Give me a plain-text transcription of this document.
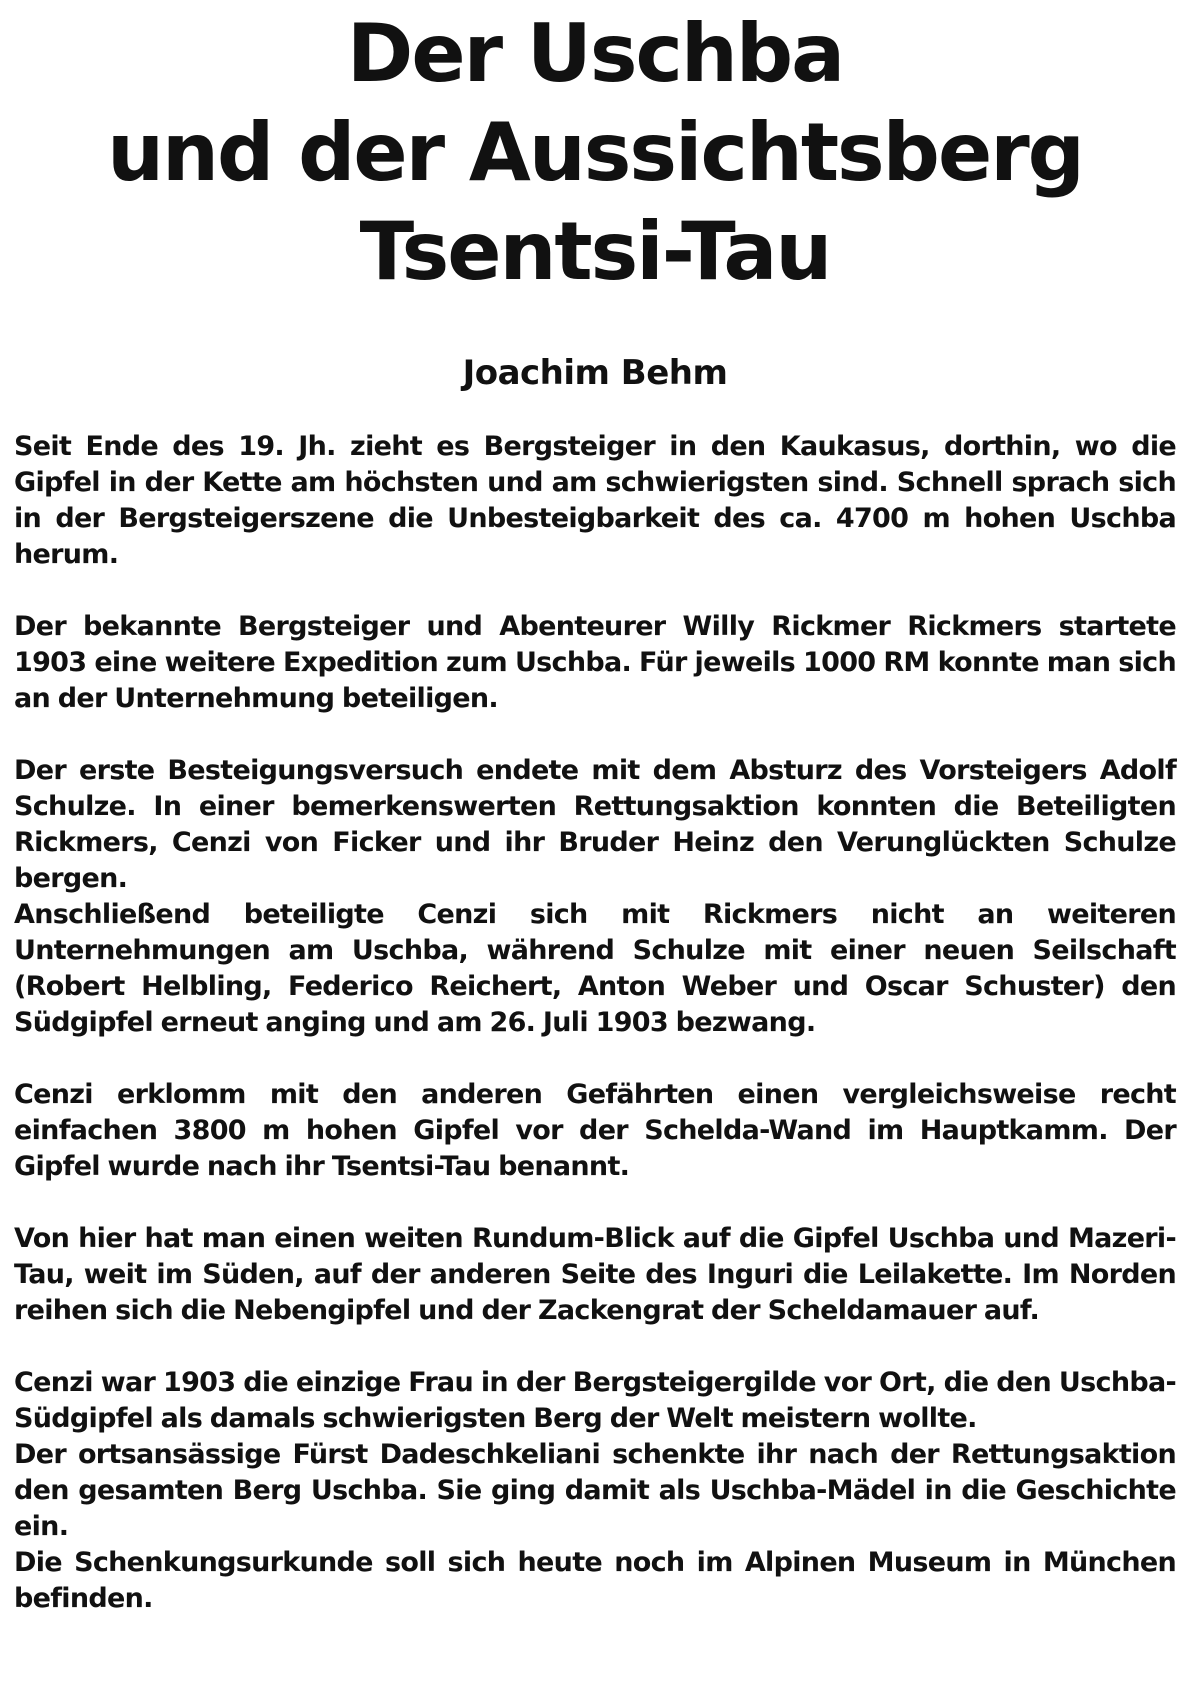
Der Uschba
und der Aussichtsberg
Tsentsi-Tau
Joachim Behm

Seit Ende des 19. Jh. zieht es Bergsteiger in den Kaukasus, dorthin, wo die Gipfel in der Kette am höchsten und am schwierigsten sind. Schnell sprach sich in der Bergsteigerszene die Unbesteigbarkeit des ca. 4700 m hohen Uschba herum.

Der bekannte Bergsteiger und Abenteurer Willy Rickmer Rickmers startete 1903 eine weitere Expedition zum Uschba. Für jeweils 1000 RM konnte man sich an der Unternehmung beteiligen.

Der erste Besteigungsversuch endete mit dem Absturz des Vorsteigers Adolf Schulze. In einer bemerkenswerten Rettungsaktion konnten die Beteiligten Rickmers, Cenzi von Ficker und ihr Bruder Heinz den Verunglückten Schulze bergen.
Anschließend beteiligte Cenzi sich mit Rickmers nicht an weiteren Unternehmungen am Uschba, während Schulze mit einer neuen Seilschaft (Robert Helbling, Federico Reichert, Anton Weber und Oscar Schuster) den Südgipfel erneut anging und am 26. Juli 1903 bezwang.

Cenzi erklomm mit den anderen Gefährten einen vergleichsweise recht einfachen 3800 m hohen Gipfel vor der Schelda-Wand im Hauptkamm. Der Gipfel wurde nach ihr Tsentsi-Tau benannt.

Von hier hat man einen weiten Rundum-Blick auf die Gipfel Uschba und Mazeri-Tau, weit im Süden, auf der anderen Seite des Inguri die Leilakette. Im Norden reihen sich die Nebengipfel und der Zackengrat der Scheldamauer auf.

Cenzi war 1903 die einzige Frau in der Bergsteigergilde vor Ort, die den Uschba-Südgipfel als damals schwierigsten Berg der Welt meistern wollte.
Der ortsansässige Fürst Dadeschkeliani schenkte ihr nach der Rettungsaktion den gesamten Berg Uschba. Sie ging damit als Uschba-Mädel in die Geschichte ein.
Die Schenkungsurkunde soll sich heute noch im Alpinen Museum in München befinden.
